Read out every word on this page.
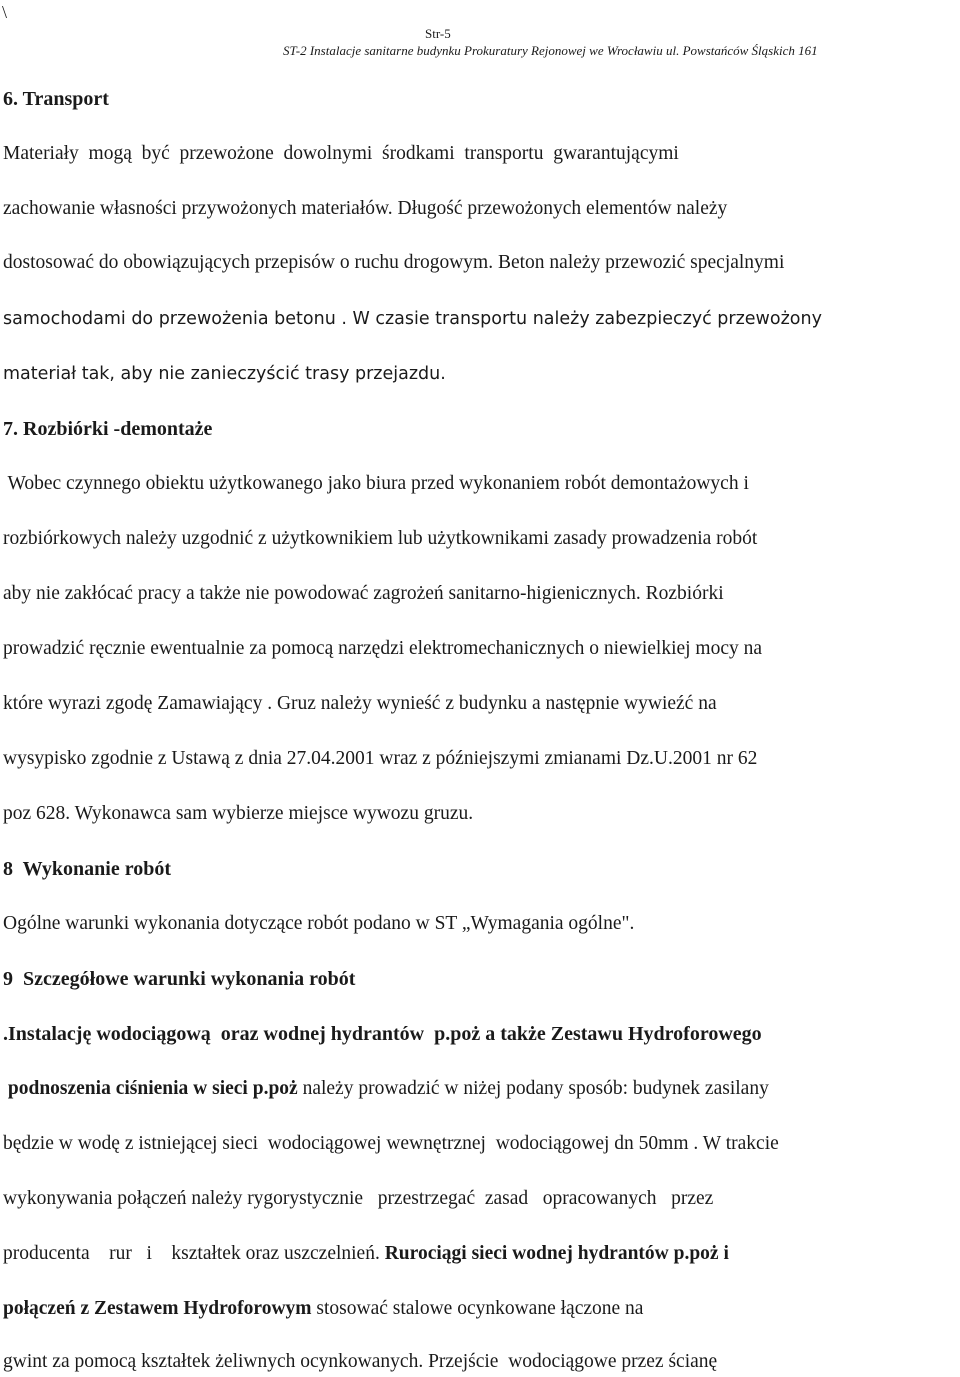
\
Str-5
ST-2 Instalacje sanitarne budynku Prokuratury Rejonowej we Wrocławiu ul. Powstańców Śląskich 161
6. Transport
Materiały  mogą  być  przewożone  dowolnymi  środkami  transportu  gwarantującymi
zachowanie własności przywożonych materiałów. Długość przewożonych elementów należy
dostosować do obowiązujących przepisów o ruchu drogowym. Beton należy przewozić specjalnymi
samochodami do przewożenia betonu . W czasie transportu należy zabezpieczyć przewożony
materiał tak, aby nie zanieczyścić trasy przejazdu.
7. Rozbiórki -demontaże
Wobec czynnego obiektu użytkowanego jako biura przed wykonaniem robót demontażowych i
rozbiórkowych należy uzgodnić z użytkownikiem lub użytkownikami zasady prowadzenia robót
aby nie zakłócać pracy a także nie powodować zagrożeń sanitarno-higienicznych. Rozbiórki
prowadzić ręcznie ewentualnie za pomocą narzędzi elektromechanicznych o niewielkiej mocy na
które wyrazi zgodę Zamawiający . Gruz należy wynieść z budynku a następnie wywieźć na
wysypisko zgodnie z Ustawą z dnia 27.04.2001 wraz z późniejszymi zmianami Dz.U.2001 nr 62
poz 628. Wykonawca sam wybierze miejsce wywozu gruzu.
8  Wykonanie robót
Ogólne warunki wykonania dotyczące robót podano w ST „Wymagania ogólne".
9  Szczegółowe warunki wykonania robót
.Instalację wodociągową  oraz wodnej hydrantów  p.poż a także Zestawu Hydroforowego
podnoszenia ciśnienia w sieci p.poż należy prowadzić w niżej podany sposób: budynek zasilany
będzie w wodę z istniejącej sieci  wodociągowej wewnętrznej  wodociągowej dn 50mm . W trakcie
wykonywania połączeń należy rygorystycznie   przestrzegać  zasad   opracowanych   przez
producenta    rur   i    kształtek oraz uszczelnień. Rurociągi sieci wodnej hydrantów p.poż i
połączeń z Zestawem Hydroforowym stosować stalowe ocynkowane łączone na
gwint za pomocą kształtek żeliwnych ocynkowanych. Przejście  wodociągowe przez ścianę
